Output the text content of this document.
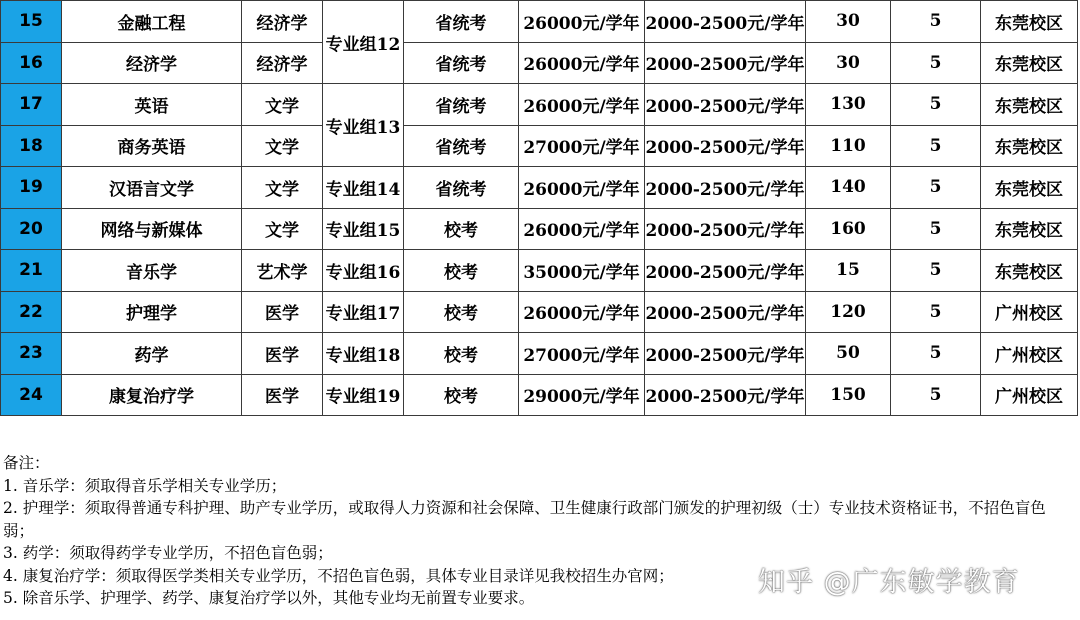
15	金融工程	经济学	专业组12	省统考	26000元/学年	2000-2500元/学年	30	5	东莞校区
16	经济学	经济学		省统考	26000元/学年	2000-2500元/学年	30	5	东莞校区
17	英语	文学	专业组13	省统考	26000元/学年	2000-2500元/学年	130	5	东莞校区
18	商务英语	文学		省统考	27000元/学年	2000-2500元/学年	110	5	东莞校区
19	汉语言文学	文学	专业组14	省统考	26000元/学年	2000-2500元/学年	140	5	东莞校区
20	网络与新媒体	文学	专业组15	校考	26000元/学年	2000-2500元/学年	160	5	东莞校区
21	音乐学	艺术学	专业组16	校考	35000元/学年	2000-2500元/学年	15	5	东莞校区
22	护理学	医学	专业组17	校考	26000元/学年	2000-2500元/学年	120	5	广州校区
23	药学	医学	专业组18	校考	27000元/学年	2000-2500元/学年	50	5	广州校区
24	康复治疗学	医学	专业组19	校考	29000元/学年	2000-2500元/学年	150	5	广州校区
备注：
1. 音乐学：须取得音乐学相关专业学历；
2. 护理学：须取得普通专科护理、助产专业学历，或取得人力资源和社会保障、卫生健康行政部门颁发的护理初级（士）专业技术资格证书，不招色盲色弱；
3. 药学：须取得药学专业学历，不招色盲色弱；
4. 康复治疗学：须取得医学类相关专业学历，不招色盲色弱，具体专业目录详见我校招生办官网；
5. 除音乐学、护理学、药学、康复治疗学以外，其他专业均无前置专业要求。	知乎 @广东敏学教育
